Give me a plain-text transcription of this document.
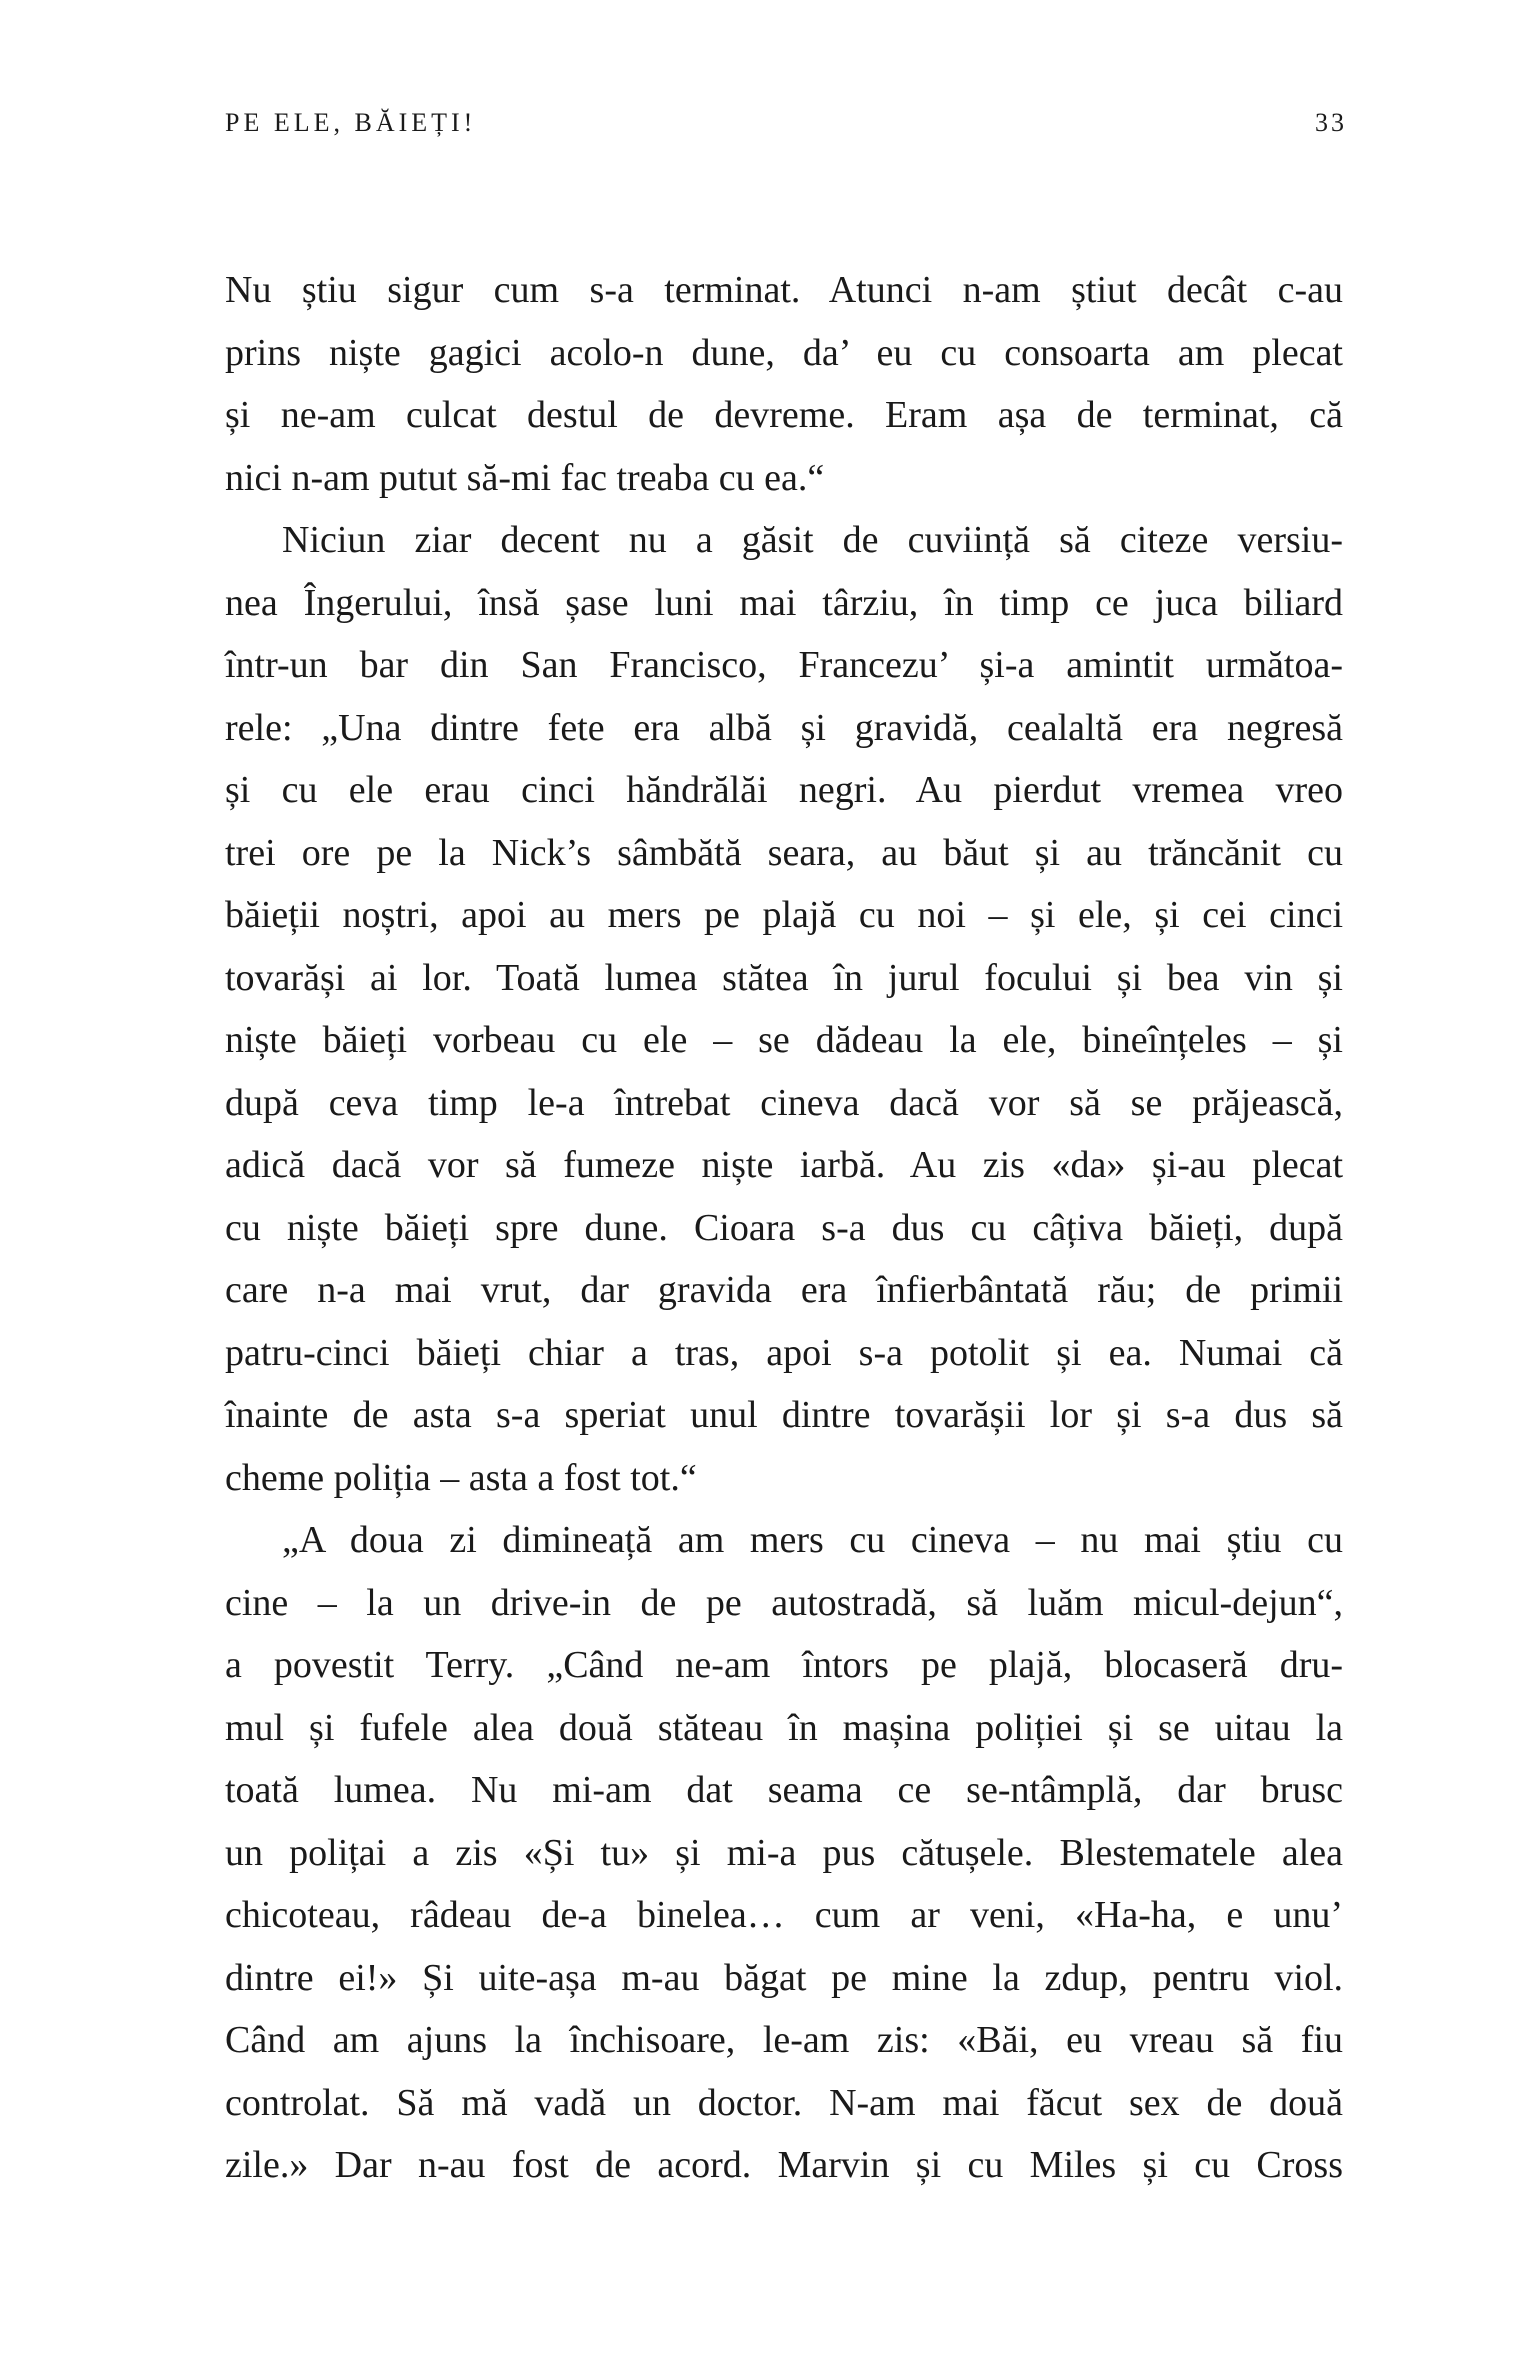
PE ELE, BĂIEȚI!	33
Nu știu sigur cum s-a terminat. Atunci n-am știut decât c-au
prins niște gagici acolo-n dune, da’ eu cu consoarta am plecat
și ne-am culcat destul de devreme. Eram așa de terminat, că
nici n-am putut să-mi fac treaba cu ea.“
Niciun ziar decent nu a găsit de cuviință să citeze versiu-
nea Îngerului, însă șase luni mai târziu, în timp ce juca biliard
într-un bar din San Francisco, Francezu’ și-a amintit următoa-
rele: „Una dintre fete era albă și gravidă, cealaltă era negresă
și cu ele erau cinci hăndrălăi negri. Au pierdut vremea vreo
trei ore pe la Nick’s sâmbătă seara, au băut și au trăncănit cu
băieții noștri, apoi au mers pe plajă cu noi – și ele, și cei cinci
tovarăși ai lor. Toată lumea stătea în jurul focului și bea vin și
niște băieți vorbeau cu ele – se dădeau la ele, bineînțeles – și
după ceva timp le-a întrebat cineva dacă vor să se prăjească,
adică dacă vor să fumeze niște iarbă. Au zis «da» și-au plecat
cu niște băieți spre dune. Cioara s-a dus cu câțiva băieți, după
care n-a mai vrut, dar gravida era înfierbântată rău; de primii
patru-cinci băieți chiar a tras, apoi s-a potolit și ea. Numai că
înainte de asta s-a speriat unul dintre tovarășii lor și s-a dus să
cheme poliția – asta a fost tot.“
„A doua zi dimineață am mers cu cineva – nu mai știu cu
cine – la un drive-in de pe autostradă, să luăm micul-dejun“,
a povestit Terry. „Când ne-am întors pe plajă, blocaseră dru-
mul și fufele alea două stăteau în mașina poliției și se uitau la
toată lumea. Nu mi-am dat seama ce se-ntâmplă, dar brusc
un polițai a zis «Și tu» și mi-a pus cătușele. Blestematele alea
chicoteau, râdeau de-a binelea… cum ar veni, «Ha-ha, e unu’
dintre ei!» Și uite-așa m-au băgat pe mine la zdup, pentru viol.
Când am ajuns la închisoare, le-am zis: «Băi, eu vreau să fiu
controlat. Să mă vadă un doctor. N-am mai făcut sex de două
zile.» Dar n-au fost de acord. Marvin și cu Miles și cu Cross
